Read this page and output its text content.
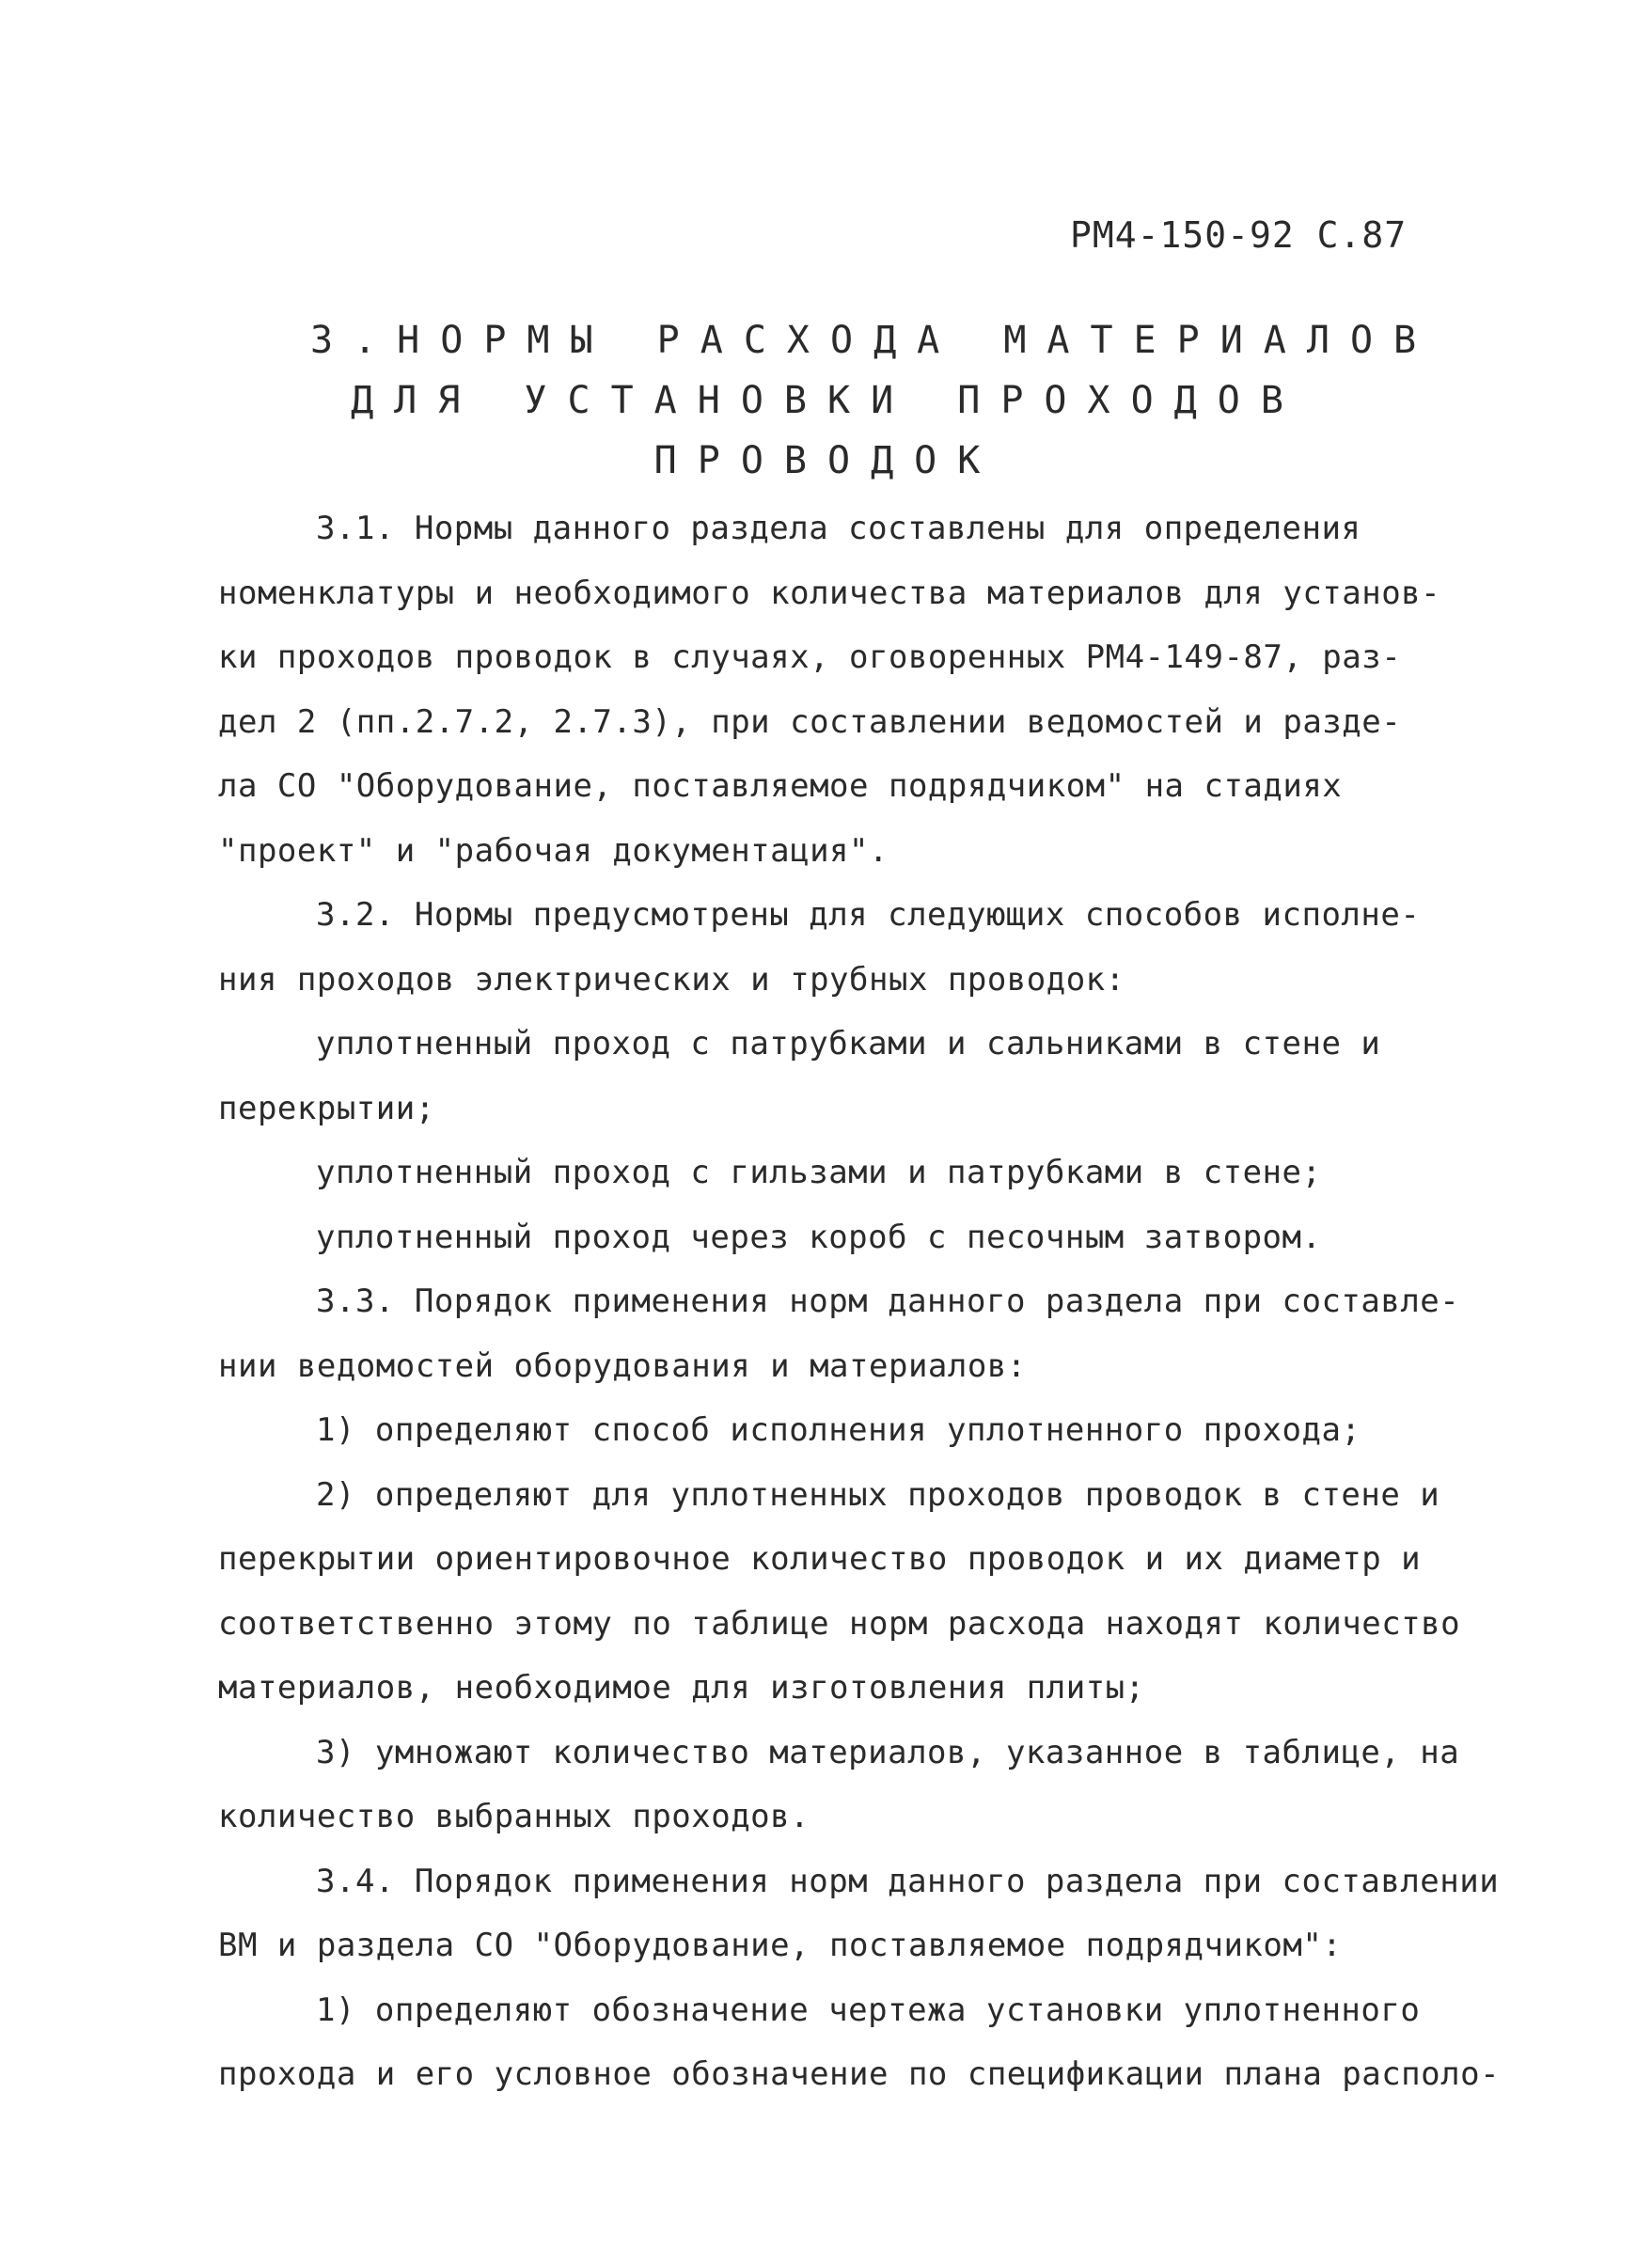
РМ4-150-92 С.87
3.НОРМЫ РАСХОДА МАТЕРИАЛОВ
ДЛЯ УСТАНОВКИ ПРОХОДОВ
ПРОВОДОК
3.1. Нормы данного раздела составлены для определения
номенклатуры и необходимого количества материалов для установ-
ки проходов проводок в случаях, оговоренных РМ4-149-87, раз-
дел 2 (пп.2.7.2, 2.7.3), при составлении ведомостей и разде-
ла СО "Оборудование, поставляемое подрядчиком" на стадиях
"проект" и "рабочая документация".
3.2. Нормы предусмотрены для следующих способов исполне-
ния проходов электрических и трубных проводок:
уплотненный проход с патрубками и сальниками в стене и
перекрытии;
уплотненный проход с гильзами и патрубками в стене;
уплотненный проход через короб с песочным затвором.
3.3. Порядок применения норм данного раздела при составле-
нии ведомостей оборудования и материалов:
1) определяют способ исполнения уплотненного прохода;
2) определяют для уплотненных проходов проводок в стене и
перекрытии ориентировочное количество проводок и их диаметр и
соответственно этому по таблице норм расхода находят количество
материалов, необходимое для изготовления плиты;
3) умножают количество материалов, указанное в таблице, на
количество выбранных проходов.
3.4. Порядок применения норм данного раздела при составлении
ВМ и раздела СО "Оборудование, поставляемое подрядчиком":
1) определяют обозначение чертежа установки уплотненного
прохода и его условное обозначение по спецификации плана располо-
